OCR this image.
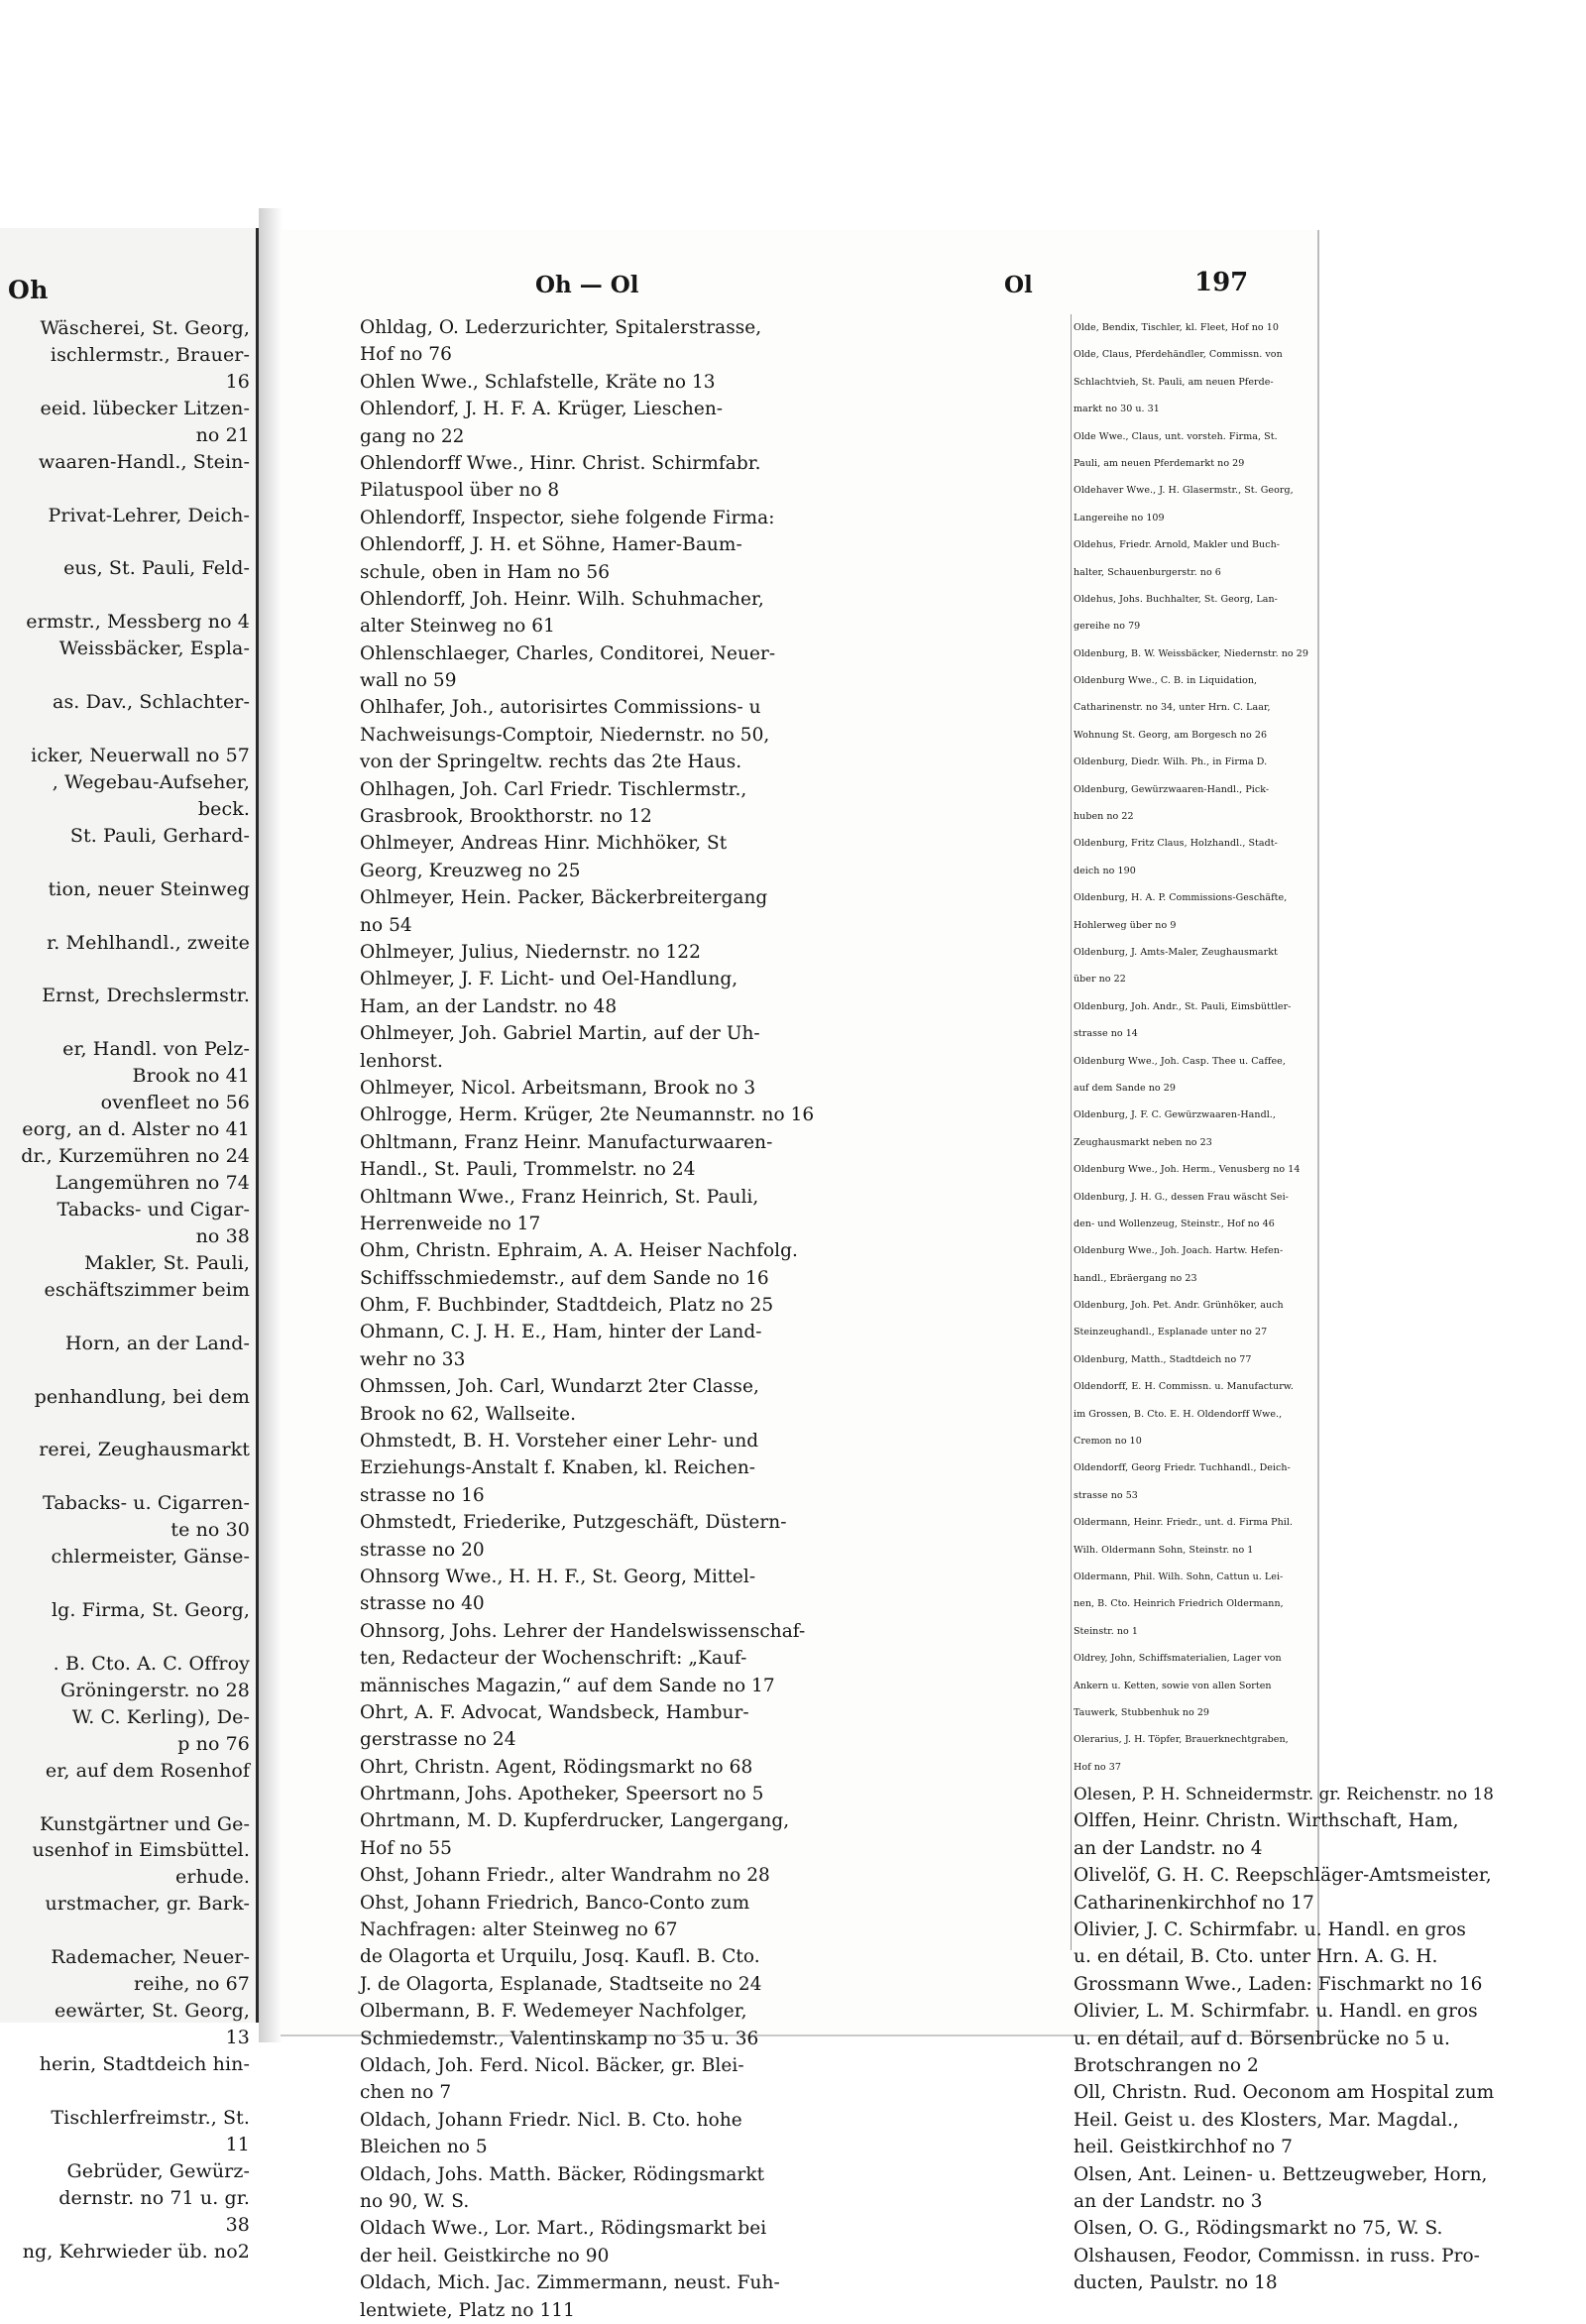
Oh
Wäscherei, St. Georg,
ischlermstr., Brauer-
16
eeid. lübecker Litzen-
no 21
waaren-Handl., Stein-
Privat-Lehrer, Deich-
eus, St. Pauli, Feld-
ermstr., Messberg no 4
Weissbäcker, Espla-
as. Dav., Schlachter-
icker, Neuerwall no 57
, Wegebau-Aufseher,
beck.
St. Pauli, Gerhard-
tion, neuer Steinweg
r. Mehlhandl., zweite
Ernst, Drechslermstr.
er, Handl. von Pelz-
Brook no 41
ovenfleet no 56
eorg, an d. Alster no 41
dr., Kurzemühren no 24
Langemühren no 74
Tabacks- und Cigar-
no 38
Makler, St. Pauli,
eschäftszimmer beim
Horn, an der Land-
penhandlung, bei dem
rerei, Zeughausmarkt
Tabacks- u. Cigarren-
te no 30
chlermeister, Gänse-
lg. Firma, St. Georg,
. B. Cto. A. C. Offroy
Gröningerstr. no 28
W. C. Kerling), De-
p no 76
er, auf dem Rosenhof
Kunstgärtner und Ge-
usenhof in Eimsbüttel.
erhude.
urstmacher, gr. Bark-
Rademacher, Neuer-
reihe, no 67
eewärter, St. Georg,
13
herin, Stadtdeich hin-
Tischlerfreimstr., St.
11
Gebrüder, Gewürz-
dernstr. no 71 u. gr.
38
ng, Kehrwieder üb. no2
Oh — Ol	Ol	197
Ohldag, O. Lederzurichter, Spitalerstrasse,
Hof no 76
Ohlen Wwe., Schlafstelle, Kräte no 13
Ohlendorf, J. H. F. A. Krüger, Lieschen-
gang no 22
Ohlendorff Wwe., Hinr. Christ. Schirmfabr.
Pilatuspool über no 8
Ohlendorff, Inspector, siehe folgende Firma:
Ohlendorff, J. H. et Söhne, Hamer-Baum-
schule, oben in Ham no 56
Ohlendorff, Joh. Heinr. Wilh. Schuhmacher,
alter Steinweg no 61
Ohlenschlaeger, Charles, Conditorei, Neuer-
wall no 59
Ohlhafer, Joh., autorisirtes Commissions- u
Nachweisungs-Comptoir, Niedernstr. no 50,
von der Springeltw. rechts das 2te Haus.
Ohlhagen, Joh. Carl Friedr. Tischlermstr.,
Grasbrook, Brookthorstr. no 12
Ohlmeyer, Andreas Hinr. Michhöker, St
Georg, Kreuzweg no 25
Ohlmeyer, Hein. Packer, Bäckerbreitergang
no 54
Ohlmeyer, Julius, Niedernstr. no 122
Ohlmeyer, J. F. Licht- und Oel-Handlung,
Ham, an der Landstr. no 48
Ohlmeyer, Joh. Gabriel Martin, auf der Uh-
lenhorst.
Ohlmeyer, Nicol. Arbeitsmann, Brook no 3
Ohlrogge, Herm. Krüger, 2te Neumannstr. no 16
Ohltmann, Franz Heinr. Manufacturwaaren-
Handl., St. Pauli, Trommelstr. no 24
Ohltmann Wwe., Franz Heinrich, St. Pauli,
Herrenweide no 17
Ohm, Christn. Ephraim, A. A. Heiser Nachfolg.
Schiffsschmiedemstr., auf dem Sande no 16
Ohm, F. Buchbinder, Stadtdeich, Platz no 25
Ohmann, C. J. H. E., Ham, hinter der Land-
wehr no 33
Ohmssen, Joh. Carl, Wundarzt 2ter Classe,
Brook no 62, Wallseite.
Ohmstedt, B. H. Vorsteher einer Lehr- und
Erziehungs-Anstalt f. Knaben, kl. Reichen-
strasse no 16
Ohmstedt, Friederike, Putzgeschäft, Düstern-
strasse no 20
Ohnsorg Wwe., H. H. F., St. Georg, Mittel-
strasse no 40
Ohnsorg, Johs. Lehrer der Handelswissenschaf-
ten, Redacteur der Wochenschrift: „Kauf-
männisches Magazin,“ auf dem Sande no 17
Ohrt, A. F. Advocat, Wandsbeck, Hambur-
gerstrasse no 24
Ohrt, Christn. Agent, Rödingsmarkt no 68
Ohrtmann, Johs. Apotheker, Speersort no 5
Ohrtmann, M. D. Kupferdrucker, Langergang,
Hof no 55
Ohst, Johann Friedr., alter Wandrahm no 28
Ohst, Johann Friedrich, Banco-Conto zum
Nachfragen: alter Steinweg no 67
de Olagorta et Urquilu, Josq. Kaufl. B. Cto.
J. de Olagorta, Esplanade, Stadtseite no 24
Olbermann, B. F. Wedemeyer Nachfolger,
Schmiedemstr., Valentinskamp no 35 u. 36
Oldach, Joh. Ferd. Nicol. Bäcker, gr. Blei-
chen no 7
Oldach, Johann Friedr. Nicl. B. Cto. hohe
Bleichen no 5
Oldach, Johs. Matth. Bäcker, Rödingsmarkt
no 90, W. S.
Oldach Wwe., Lor. Mart., Rödingsmarkt bei
der heil. Geistkirche no 90
Oldach, Mich. Jac. Zimmermann, neust. Fuh-
lentwiete, Platz no 111
Olde, Bendix, Tischler, kl. Fleet, Hof no 10
Olde, Claus, Pferdehändler, Commissn. von
Schlachtvieh, St. Pauli, am neuen Pferde-
markt no 30 u. 31
Olde Wwe., Claus, unt. vorsteh. Firma, St.
Pauli, am neuen Pferdemarkt no 29
Oldehaver Wwe., J. H. Glasermstr., St. Georg,
Langereihe no 109
Oldehus, Friedr. Arnold, Makler und Buch-
halter, Schauenburgerstr. no 6
Oldehus, Johs. Buchhalter, St. Georg, Lan-
gereihe no 79
Oldenburg, B. W. Weissbäcker, Niedernstr. no 29
Oldenburg Wwe., C. B. in Liquidation,
Catharinenstr. no 34, unter Hrn. C. Laar,
Wohnung St. Georg, am Borgesch no 26
Oldenburg, Diedr. Wilh. Ph., in Firma D.
Oldenburg, Gewürzwaaren-Handl., Pick-
huben no 22
Oldenburg, Fritz Claus, Holzhandl., Stadt-
deich no 190
Oldenburg, H. A. P. Commissions-Geschäfte,
Hohlerweg über no 9
Oldenburg, J. Amts-Maler, Zeughausmarkt
über no 22
Oldenburg, Joh. Andr., St. Pauli, Eimsbüttler-
strasse no 14
Oldenburg Wwe., Joh. Casp. Thee u. Caffee,
auf dem Sande no 29
Oldenburg, J. F. C. Gewürzwaaren-Handl.,
Zeughausmarkt neben no 23
Oldenburg Wwe., Joh. Herm., Venusberg no 14
Oldenburg, J. H. G., dessen Frau wäscht Sei-
den- und Wollenzeug, Steinstr., Hof no 46
Oldenburg Wwe., Joh. Joach. Hartw. Hefen-
handl., Ebräergang no 23
Oldenburg, Joh. Pet. Andr. Grünhöker, auch
Steinzeughandl., Esplanade unter no 27
Oldenburg, Matth., Stadtdeich no 77
Oldendorff, E. H. Commissn. u. Manufacturw.
im Grossen, B. Cto. E. H. Oldendorff Wwe.,
Cremon no 10
Oldendorff, Georg Friedr. Tuchhandl., Deich-
strasse no 53
Oldermann, Heinr. Friedr., unt. d. Firma Phil.
Wilh. Oldermann Sohn, Steinstr. no 1
Oldermann, Phil. Wilh. Sohn, Cattun u. Lei-
nen, B. Cto. Heinrich Friedrich Oldermann,
Steinstr. no 1
Oldrey, John, Schiffsmaterialien, Lager von
Ankern u. Ketten, sowie von allen Sorten
Tauwerk, Stubbenhuk no 29
Olerarius, J. H. Töpfer, Brauerknechtgraben,
Hof no 37
Olesen, P. H. Schneidermstr. gr. Reichenstr. no 18
Olffen, Heinr. Christn. Wirthschaft, Ham,
an der Landstr. no 4
Olivelöf, G. H. C. Reepschläger-Amtsmeister,
Catharinenkirchhof no 17
Olivier, J. C. Schirmfabr. u. Handl. en gros
u. en détail, B. Cto. unter Hrn. A. G. H.
Grossmann Wwe., Laden: Fischmarkt no 16
Olivier, L. M. Schirmfabr. u. Handl. en gros
u. en détail, auf d. Börsenbrücke no 5 u.
Brotschrangen no 2
Oll, Christn. Rud. Oeconom am Hospital zum
Heil. Geist u. des Klosters, Mar. Magdal.,
heil. Geistkirchhof no 7
Olsen, Ant. Leinen- u. Bettzeugweber, Horn,
an der Landstr. no 3
Olsen, O. G., Rödingsmarkt no 75, W. S.
Olshausen, Feodor, Commissn. in russ. Pro-
ducten, Paulstr. no 18
